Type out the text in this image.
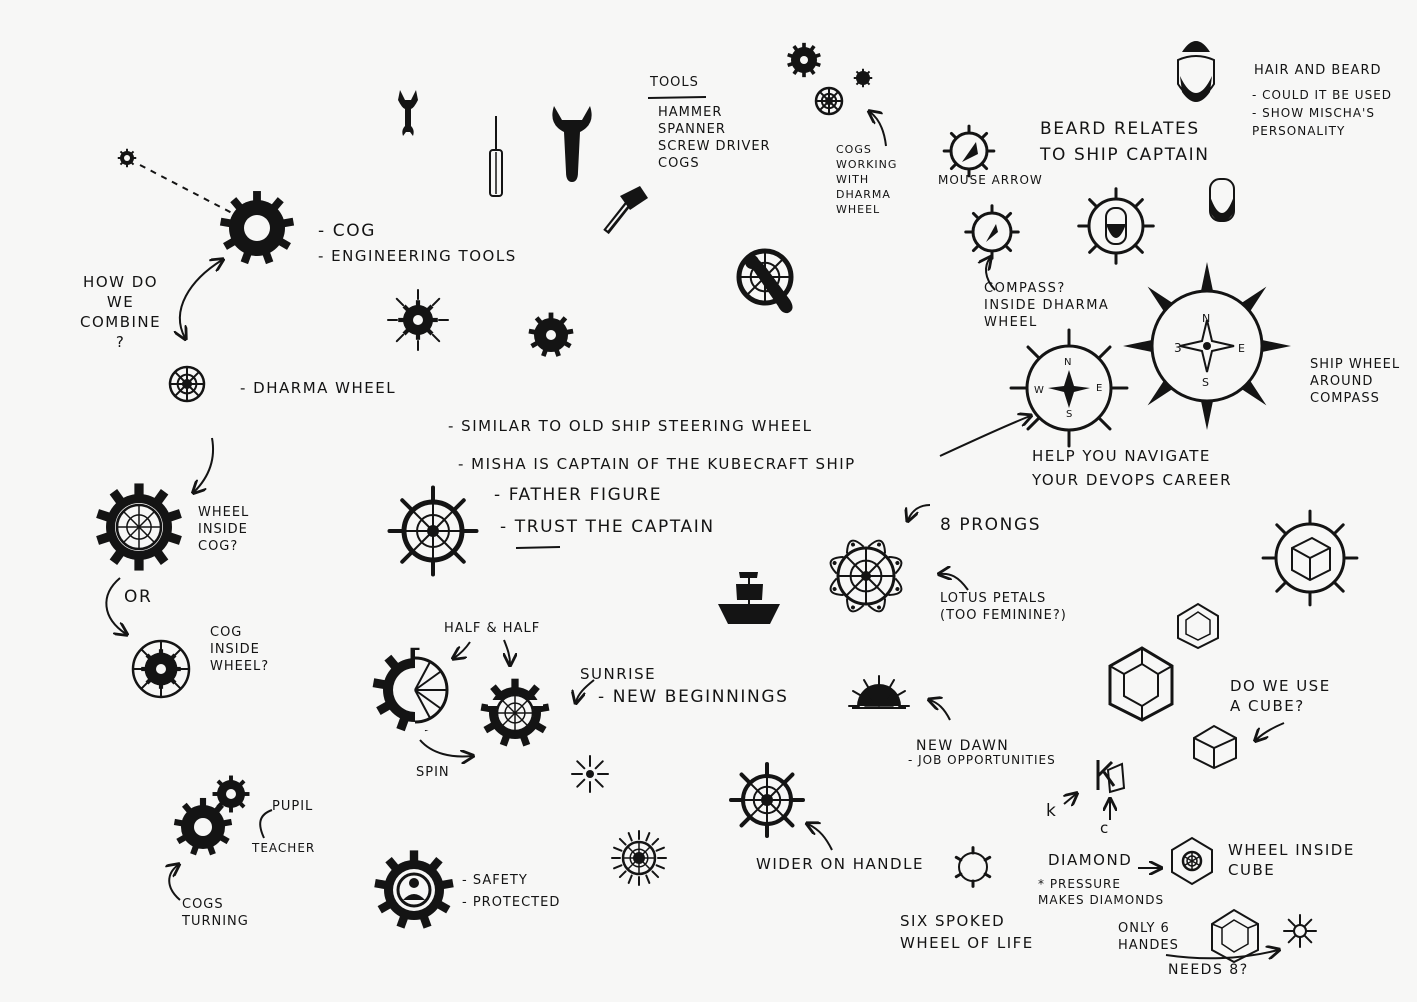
- COG
- ENGINEERING TOOLS
HOW DO
WE
COMBINE
?
- DHARMA WHEEL
TOOLS
HAMMER
SPANNER
SCREW DRIVER
COGS
COGS
WORKING
WITH
DHARMA
WHEEL
HAIR AND BEARD
- COULD IT BE USED
- SHOW MISCHA'S
PERSONALITY
BEARD RELATES
TO SHIP CAPTAIN
MOUSE ARROW
COMPASS?
INSIDE DHARMA
WHEEL
SHIP WHEEL
AROUND
COMPASS
HELP YOU NAVIGATE
YOUR DEVOPS CAREER
- SIMILAR TO OLD SHIP STEERING WHEEL
- MISHA IS CAPTAIN OF THE KUBECRAFT SHIP
- FATHER FIGURE
- TRUST THE CAPTAIN
WHEEL
INSIDE
COG?
OR
COG
INSIDE
WHEEL?
HALF & HALF
SUNRISE
- NEW BEGINNINGS
SPIN
8 PRONGS
LOTUS PETALS
(TOO FEMININE?)
NEW DAWN
- JOB OPPORTUNITIES
DO WE USE
A CUBE?
PUPIL
TEACHER
COGS
TURNING
- SAFETY
- PROTECTED
WIDER ON HANDLE
SIX SPOKED
WHEEL OF LIFE
DIAMOND
* PRESSURE
MAKES DIAMONDS
WHEEL INSIDE
CUBE
ONLY 6
HANDES
NEEDS 8?
k
c
N
E
S
W
N
3	E
S
